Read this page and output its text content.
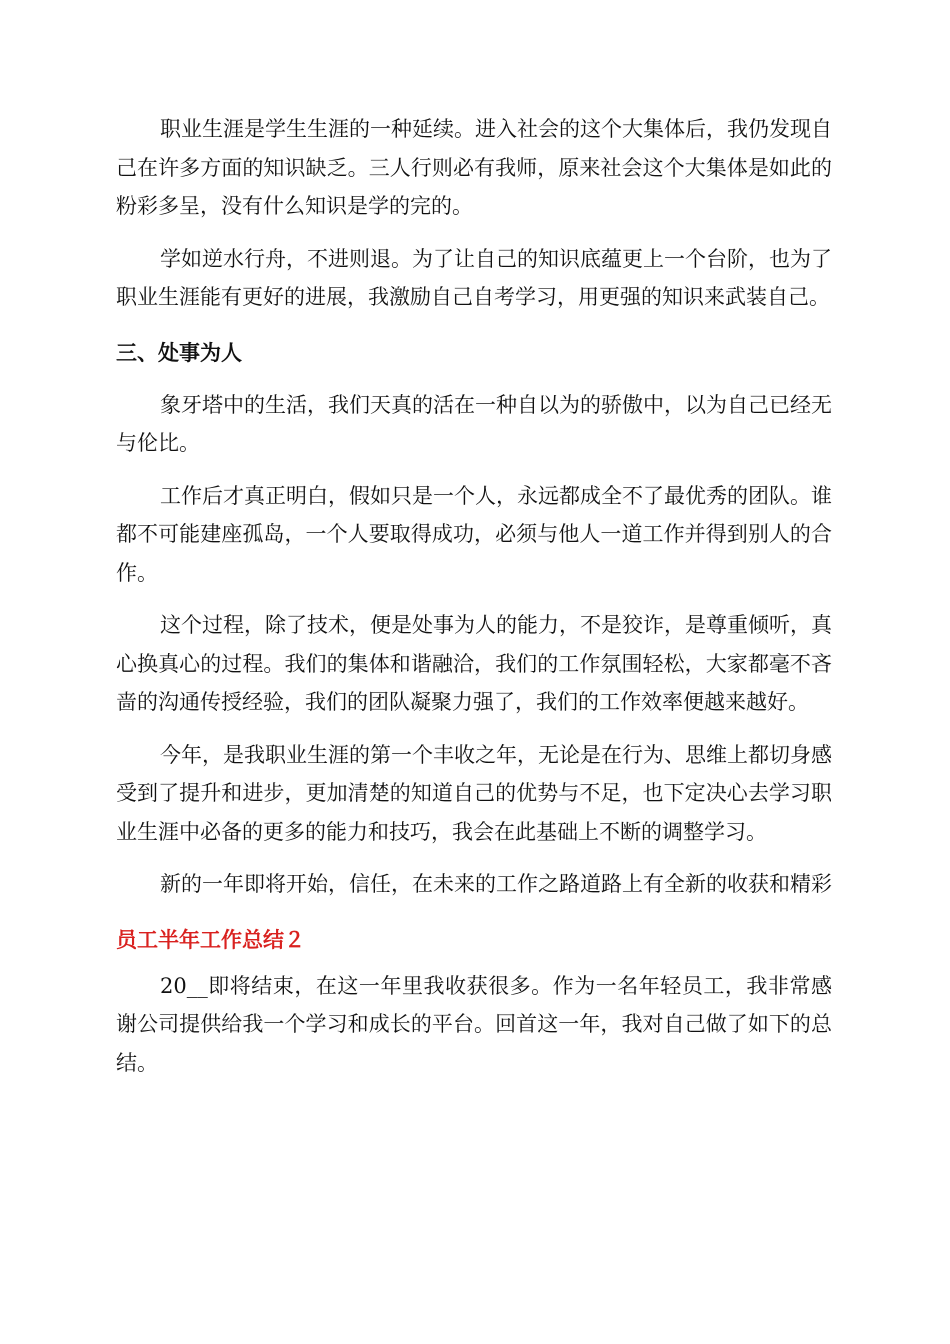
职业生涯是学生生涯的一种延续。进入社会的这个大集体后，我仍发现自己在许多方面的知识缺乏。三人行则必有我师，原来社会这个大集体是如此的粉彩多呈，没有什么知识是学的完的。

学如逆水行舟，不进则退。为了让自己的知识底蕴更上一个台阶，也为了职业生涯能有更好的进展，我激励自己自考学习，用更强的知识来武装自己。

三、处事为人

象牙塔中的生活，我们天真的活在一种自以为的骄傲中，以为自己已经无与伦比。

工作后才真正明白，假如只是一个人，永远都成全不了最优秀的团队。谁都不可能建座孤岛，一个人要取得成功，必须与他人一道工作并得到别人的合作。

这个过程，除了技术，便是处事为人的能力，不是狡诈，是尊重倾听，真心换真心的过程。我们的集体和谐融洽，我们的工作氛围轻松，大家都毫不吝啬的沟通传授经验，我们的团队凝聚力强了，我们的工作效率便越来越好。

今年，是我职业生涯的第一个丰收之年，无论是在行为、思维上都切身感受到了提升和进步，更加清楚的知道自己的优势与不足，也下定决心去学习职业生涯中必备的更多的能力和技巧，我会在此基础上不断的调整学习。

新的一年即将开始，信任，在未来的工作之路道路上有全新的收获和精彩

员工半年工作总结２

20__即将结束，在这一年里我收获很多。作为一名年轻员工，我非常感谢公司提供给我一个学习和成长的平台。回首这一年，我对自己做了如下的总结。
